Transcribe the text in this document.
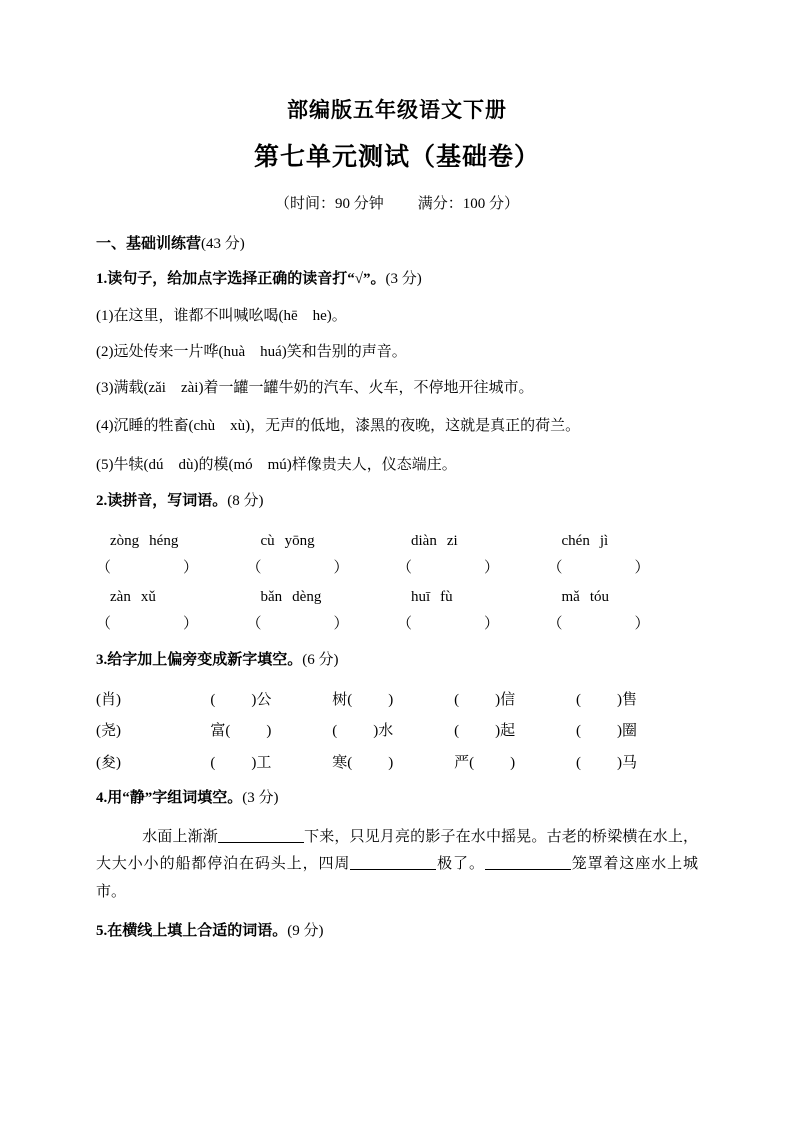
部编版五年级语文下册
第七单元测试（基础卷）

（时间：90 分钟 满分：100 分）

一、基础训练营(43 分)

1.读句子，给加点字选择正确的读音打“√”。(3 分)

(1)在这里，谁都不叫喊吆喝(hē he)。

(2)远处传来一片哗(huà huá)笑和告别的声音。

(3)满载(zǎi zài)着一罐一罐牛奶的汽车、火车，不停地开往城市。

(4)沉睡的牲畜(chù xù)，无声的低地，漆黑的夜晚，这就是真正的荷兰。

(5)牛犊(dú dù)的模(mó mú)样像贵夫人，仪态端庄。

2.读拼音，写词语。(8 分)

zòng héng	cù yōng	diàn zi	chén jì
（	）	（	）	（	）	（	）
zàn xǔ	bǎn dèng	huī fù	mǎ tóu
（	）	（	）	（	）	（	）

3.给字加上偏旁变成新字填空。(6 分)

(肖)	( )公	树( )	( )信	( )售
(尧)	富( )	( )水	( )起	( )圈
(夋)	( )工	寒( )	严( )	( )马

4.用“静”字组词填空。(3 分)

水面上渐渐	下来，只见月亮的影子在水中摇晃。古老的桥梁横在水上，大大小小的船都停泊在码头上，四周	极了。	笼罩着这座水上城市。

5.在横线上填上合适的词语。(9 分)
